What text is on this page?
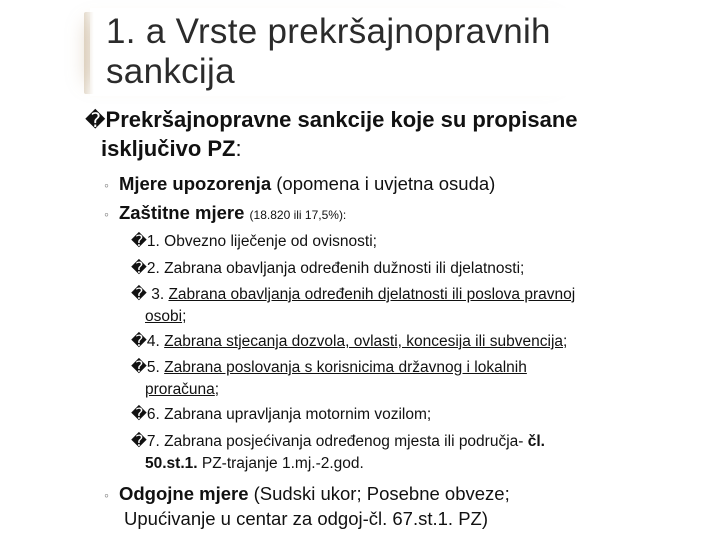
1. a Vrste prekršajnopravnih
sankcija
�Prekršajnopravne sankcije koje su propisane
isključivo PZ:
◦ Mjere upozorenja (opomena i uvjetna osuda)
◦ Zaštitne mjere (18.820 ili 17,5%):
�1. Obvezno liječenje od ovisnosti;
�2. Zabrana obavljanja određenih dužnosti ili djelatnosti;
� 3. Zabrana obavljanja određenih djelatnosti ili poslova pravnoj
osobi;
�4. Zabrana stjecanja dozvola, ovlasti, koncesija ili subvencija;
�5. Zabrana poslovanja s korisnicima državnog i lokalnih
proračuna;
�6. Zabrana upravljanja motornim vozilom;
�7. Zabrana posjećivanja određenog mjesta ili područja- čl.
50.st.1. PZ-trajanje 1.mj.-2.god.
◦ Odgojne mjere (Sudski ukor; Posebne obveze;
Upućivanje u centar za odgoj-čl. 67.st.1. PZ)
